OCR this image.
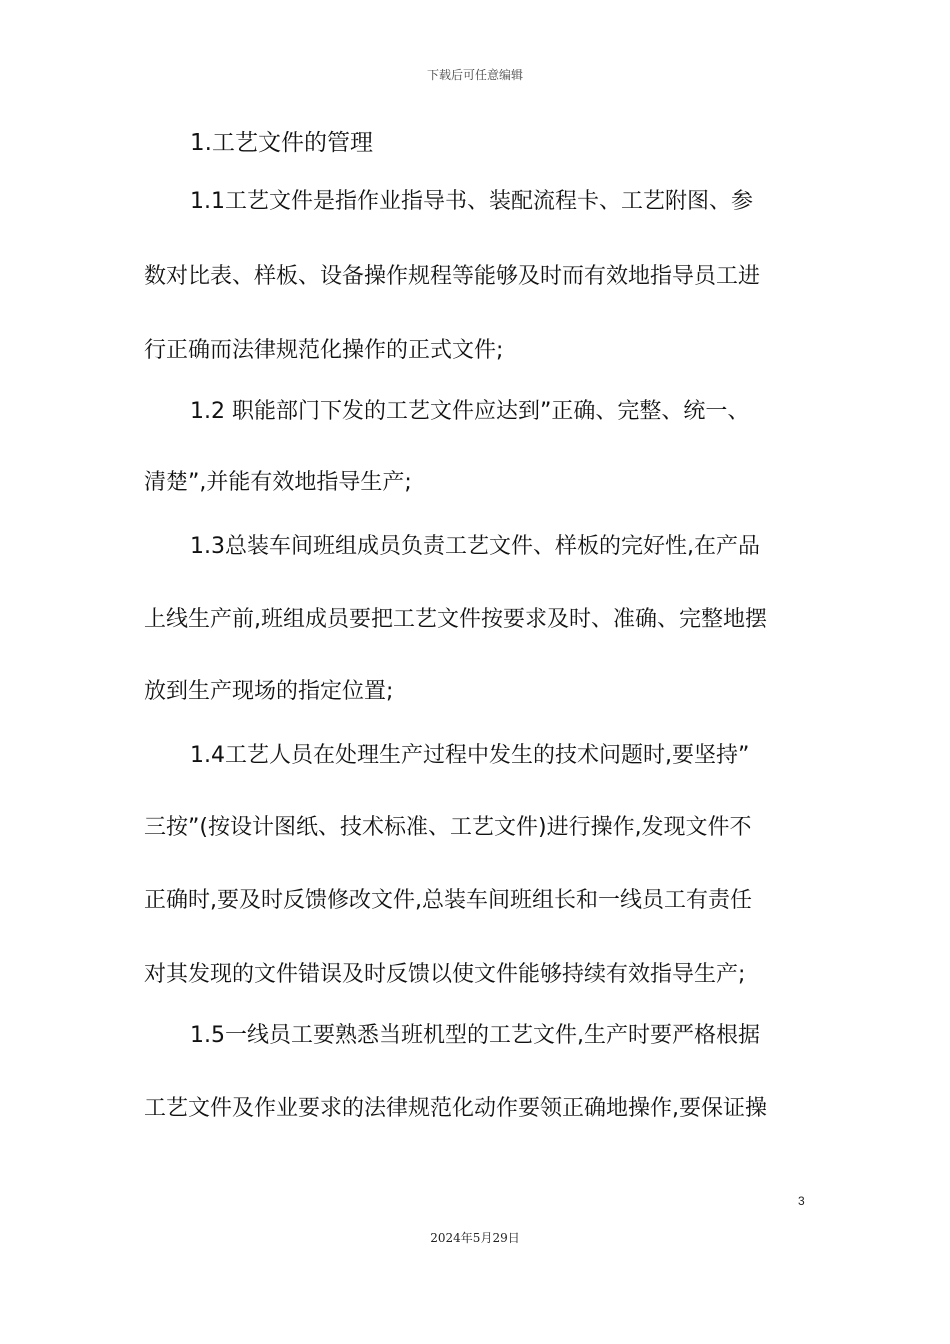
下载后可任意编辑
1.工艺文件的管理
1.1工艺文件是指作业指导书、装配流程卡、工艺附图、参
数对比表、样板、设备操作规程等能够及时而有效地指导员工进
行正确而法律规范化操作的正式文件;
1.2 职能部门下发的工艺文件应达到”正确、完整、统一、
清楚”,并能有效地指导生产;
1.3总装车间班组成员负责工艺文件、样板的完好性,在产品
上线生产前,班组成员要把工艺文件按要求及时、准确、完整地摆
放到生产现场的指定位置;
1.4工艺人员在处理生产过程中发生的技术问题时,要坚持”
三按”(按设计图纸、技术标准、工艺文件)进行操作,发现文件不
正确时,要及时反馈修改文件,总装车间班组长和一线员工有责任
对其发现的文件错误及时反馈以使文件能够持续有效指导生产;
1.5一线员工要熟悉当班机型的工艺文件,生产时要严格根据
工艺文件及作业要求的法律规范化动作要领正确地操作,要保证操
3
2024年5月29日
